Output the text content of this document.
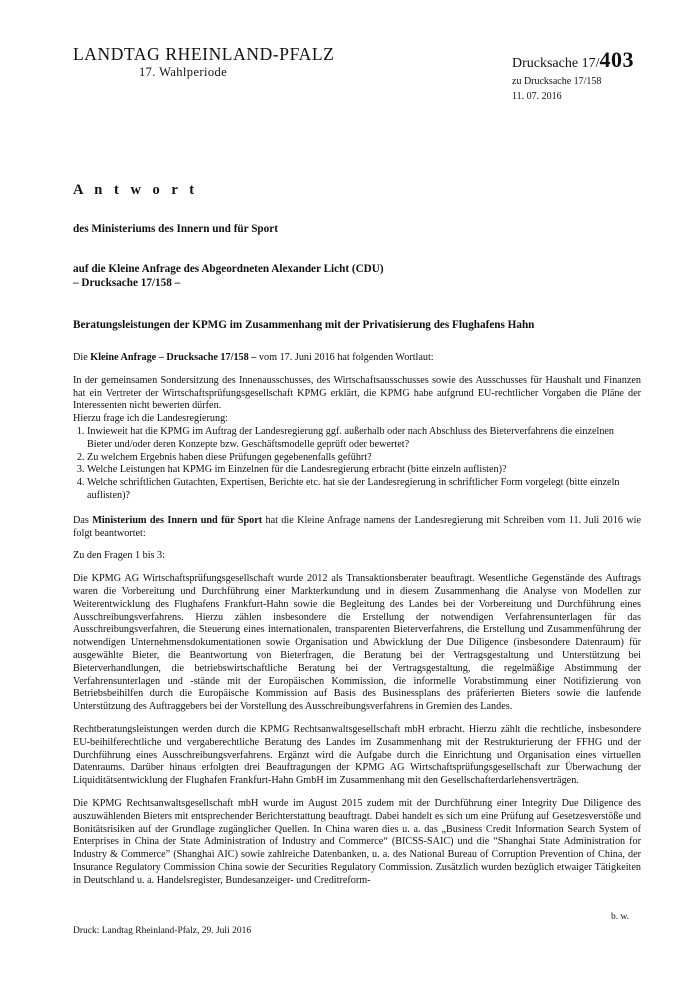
LANDTAG RHEINLAND-PFALZ
17. Wahlperiode
Drucksache 17/403
zu Drucksache 17/158
11. 07. 2016
A n t w o r t
des Ministeriums des Innern und für Sport
auf die Kleine Anfrage des Abgeordneten Alexander Licht (CDU)
– Drucksache 17/158 –
Beratungsleistungen der KPMG im Zusammenhang mit der Privatisierung des Flughafens Hahn

Die Kleine Anfrage – Drucksache 17/158 – vom 17. Juni 2016 hat folgenden Wortlaut:

In der gemeinsamen Sondersitzung des Innenausschusses, des Wirtschaftsausschusses sowie des Ausschusses für Haushalt und Finanzen hat ein Vertreter der Wirtschaftsprüfungsgesellschaft KPMG erklärt, die KPMG habe aufgrund EU-rechtlicher Vorgaben die Pläne der Interessenten nicht bewerten dürfen.

Hierzu frage ich die Landesregierung:

1. Inwieweit hat die KPMG im Auftrag der Landesregierung ggf. außerhalb oder nach Abschluss des Bieterverfahrens die einzelnen Bieter und/oder deren Konzepte bzw. Geschäftsmodelle geprüft oder bewertet?
2. Zu welchem Ergebnis haben diese Prüfungen gegebenenfalls geführt?
3. Welche Leistungen hat KPMG im Einzelnen für die Landesregierung erbracht (bitte einzeln auflisten)?
4. Welche schriftlichen Gutachten, Expertisen, Berichte etc. hat sie der Landesregierung in schriftlicher Form vorgelegt (bitte einzeln auflisten)?

Das Ministerium des Innern und für Sport hat die Kleine Anfrage namens der Landesregierung mit Schreiben vom 11. Juli 2016 wie folgt beantwortet:

Zu den Fragen 1 bis 3:

Die KPMG AG Wirtschaftsprüfungsgesellschaft wurde 2012 als Transaktionsberater beauftragt. Wesentliche Gegenstände des Auftrags waren die Vorbereitung und Durchführung einer Markterkundung und in diesem Zusammenhang die Analyse von Modellen zur Weiterentwicklung des Flughafens Frankfurt-Hahn sowie die Begleitung des Landes bei der Vorbereitung und Durchführung eines Ausschreibungsverfahrens. Hierzu zählen insbesondere die Erstellung der notwendigen Verfahrensunterlagen für das Ausschreibungsverfahren, die Steuerung eines internationalen, transparenten Bieterverfahrens, die Erstellung und Zusammenführung der notwendigen Unternehmensdokumentationen sowie Organisation und Abwicklung der Due Diligence (insbesondere Datenraum) für ausgewählte Bieter, die Beantwortung von Bieterfragen, die Beratung bei der Vertragsgestaltung und Unterstützung bei Bieterverhandlungen, die betriebswirtschaftliche Beratung bei der Vertragsgestaltung, die regelmäßige Abstimmung der Verfahrensunterlagen und -stände mit der Europäischen Kommission, die informelle Vorabstimmung einer Notifizierung von Betriebsbeihilfen durch die Europäische Kommission auf Basis des Businessplans des präferierten Bieters sowie die laufende Unterstützung des Auftraggebers bei der Vorstellung des Ausschreibungsverfahrens in Gremien des Landes.

Rechtberatungsleistungen werden durch die KPMG Rechtsanwaltsgesellschaft mbH erbracht. Hierzu zählt die rechtliche, insbesondere EU-beihilferechtliche und vergaberechtliche Beratung des Landes im Zusammenhang mit der Restrukturierung der FFHG und der Durchführung eines Ausschreibungsverfahrens. Ergänzt wird die Aufgabe durch die Einrichtung und Organisation eines virtuellen Datenraums. Darüber hinaus erfolgten drei Beauftragungen der KPMG AG Wirtschaftsprüfungsgesellschaft zur Überwachung der Liquiditätsentwicklung der Flughafen Frankfurt-Hahn GmbH im Zusammenhang mit den Gesellschafterdarlehensverträgen.

Die KPMG Rechtsanwaltsgesellschaft mbH wurde im August 2015 zudem mit der Durchführung einer Integrity Due Diligence des auszuwählenden Bieters mit entsprechender Berichterstattung beauftragt. Dabei handelt es sich um eine Prüfung auf Gesetzesverstöße und Bonitätsrisiken auf der Grundlage zugänglicher Quellen. In China waren dies u. a. das „Business Credit Information Search System of Enterprises in China der State Administration of Industry and Commerce“ (BICSS-SAIC) und die “Shanghai State Administration for Industry & Commerce” (Shanghai AIC) sowie zahlreiche Datenbanken, u. a. des National Bureau of Corruption Prevention of China, der Insurance Regulatory Commission China sowie der Securities Regulatory Commission. Zusätzlich wurden bezüglich etwaiger Tätigkeiten in Deutschland u. a. Handelsregister, Bundesanzeiger- und Creditreform-

b. w.
Druck: Landtag Rheinland-Pfalz, 29. Juli 2016
